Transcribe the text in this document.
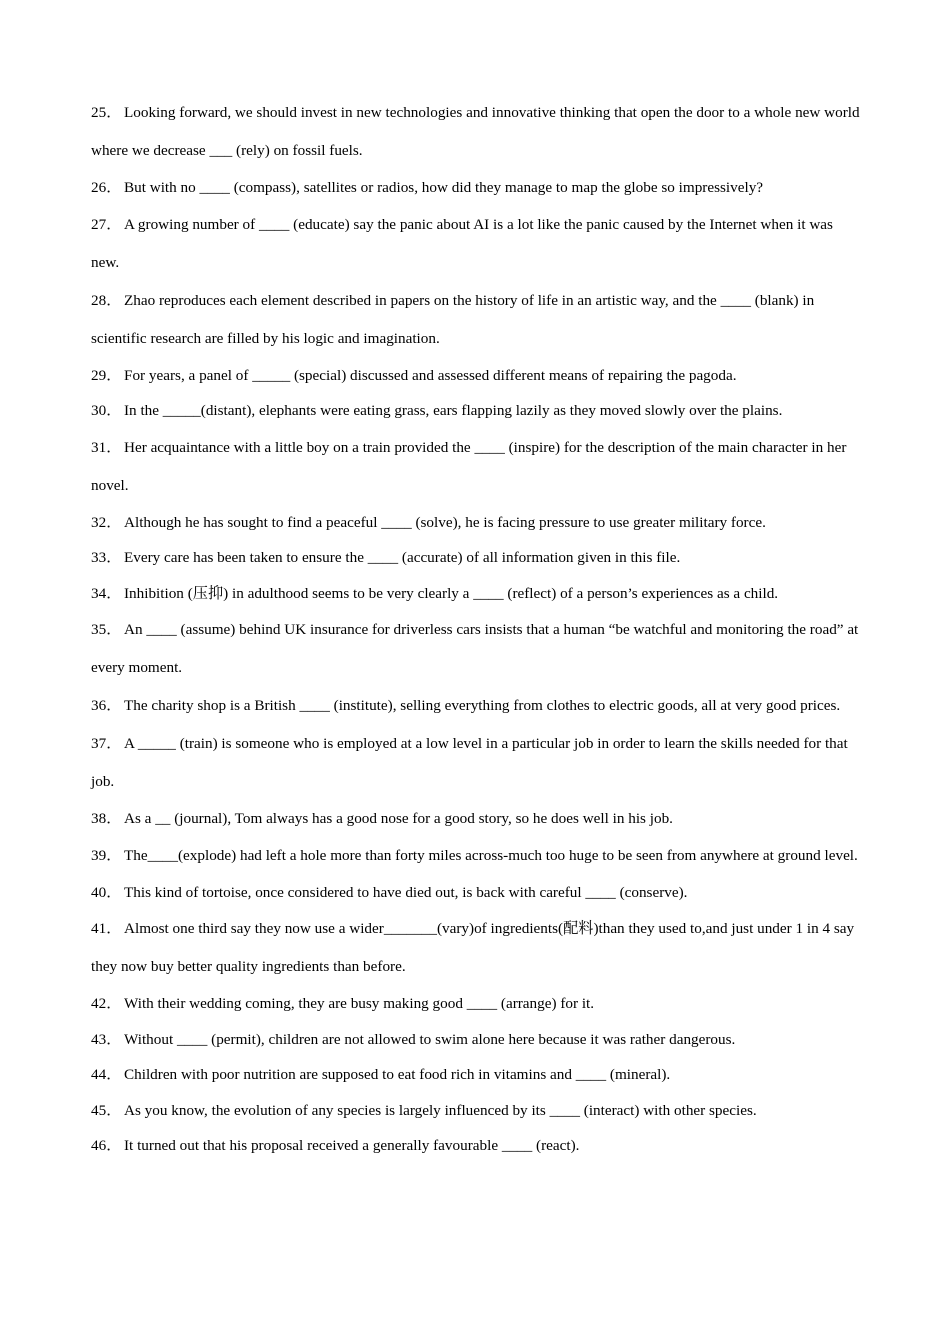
25． Looking forward, we should invest in new technologies and innovative thinking that open the door to a whole new world where we decrease ___ (rely) on fossil fuels.

26． But with no ____ (compass), satellites or radios, how did they manage to map the globe so impressively?

27． A growing number of ____ (educate) say the panic about AI is a lot like the panic caused by the Internet when it was new.

28． Zhao reproduces each element described in papers on the history of life in an artistic way, and the ____ (blank) in scientific research are filled by his logic and imagination.

29． For years, a panel of _____ (special) discussed and assessed different means of repairing the pagoda.

30． In the _____(distant), elephants were eating grass, ears flapping lazily as they moved slowly over the plains.

31． Her acquaintance with a little boy on a train provided the ____ (inspire) for the description of the main character in her novel.

32． Although he has sought to find a peaceful ____ (solve), he is facing pressure to use greater military force.

33． Every care has been taken to ensure the ____ (accurate) of all information given in this file.

34． Inhibition (压抑) in adulthood seems to be very clearly a ____ (reflect) of a person’s experiences as a child.

35． An ____ (assume) behind UK insurance for driverless cars insists that a human “be watchful and monitoring the road” at every moment.

36． The charity shop is a British ____ (institute), selling everything from clothes to electric goods, all at very good prices.

37． A _____ (train) is someone who is employed at a low level in a particular job in order to learn the skills needed for that job.

38． As a __ (journal), Tom always has a good nose for a good story, so he does well in his job.

39． The____(explode) had left a hole more than forty miles across-much too huge to be seen from anywhere at ground level.

40． This kind of tortoise, once considered to have died out, is back with careful ____ (conserve).

41． Almost one third say they now use a wider_______(vary)of ingredients(配料)than they used to,and just under 1 in 4 say they now buy better quality ingredients than before.

42． With their wedding coming, they are busy making good ____ (arrange) for it.

43． Without ____ (permit), children are not allowed to swim alone here because it was rather dangerous.

44． Children with poor nutrition are supposed to eat food rich in vitamins and ____ (mineral).

45． As you know, the evolution of any species is largely influenced by its ____ (interact) with other species.

46． It turned out that his proposal received a generally favourable ____ (react).
